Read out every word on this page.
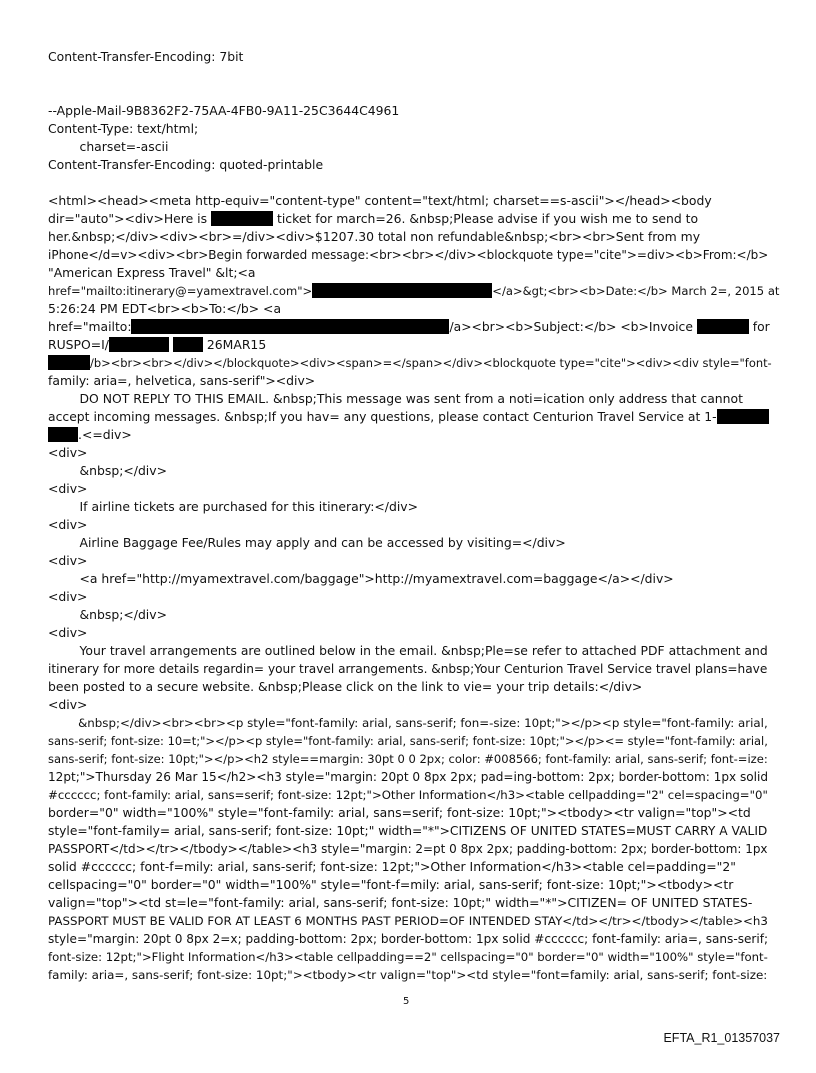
Content-Transfer-Encoding: 7bit
--Apple-Mail-9B8362F2-75AA-4FB0-9A11-25C3644C4961
Content-Type: text/html;
charset=-ascii
Content-Transfer-Encoding: quoted-printable
<html><head><meta http-equiv="content-type" content="text/html; charset==s-ascii"></head><body
dir="auto"><div>Here is	ticket for march=26. &nbsp;Please advise if you wish me to send to
her.&nbsp;</div><div><br>=/div><div>$1207.30 total non refundable&nbsp;<br><br>Sent from my
iPhone</d=v><div><br>Begin forwarded message:<br><br></div><blockquote type="cite">=div><b>From:</b>
"American Express Travel" &lt;<a
href="mailto:itinerary@=yamextravel.com">	</a>&gt;<br><b>Date:</b> March 2=, 2015 at
5:26:24 PM EDT<br><b>To:</b> <a
href="mailto:	/a><br><b>Subject:</b> <b>Invoice	for
RUSPO=I/	26MAR15
/b><br><br></div></blockquote><div><span>=</span></div><blockquote type="cite"><div><div style="font-
family: aria=, helvetica, sans-serif"><div>
DO NOT REPLY TO THIS EMAIL. &nbsp;This message was sent from a noti=ication only address that cannot
accept incoming messages. &nbsp;If you hav= any questions, please contact Centurion Travel Service at 1-
.<=div>
<div>
&nbsp;</div>
<div>
If airline tickets are purchased for this itinerary:</div>
<div>
Airline Baggage Fee/Rules may apply and can be accessed by visiting=</div>
<div>
<a href="http://myamextravel.com/baggage">http://myamextravel.com=baggage</a></div>
<div>
&nbsp;</div>
<div>
Your travel arrangements are outlined below in the email. &nbsp;Ple=se refer to attached PDF attachment and
itinerary for more details regardin= your travel arrangements. &nbsp;Your Centurion Travel Service travel plans=have
been posted to a secure website. &nbsp;Please click on the link to vie= your trip details:</div>
<div>
&nbsp;</div><br><br><p style="font-family: arial, sans-serif; fon=-size: 10pt;"></p><p style="font-family: arial,
sans-serif; font-size: 10=t;"></p><p style="font-family: arial, sans-serif; font-size: 10pt;"></p><= style="font-family: arial,
sans-serif; font-size: 10pt;"></p><h2 style==margin: 30pt 0 0 2px; color: #008566; font-family: arial, sans-serif; font-=ize:
12pt;">Thursday 26 Mar 15</h2><h3 style="margin: 20pt 0 8px 2px; pad=ing-bottom: 2px; border-bottom: 1px solid
#cccccc; font-family: arial, sans=serif; font-size: 12pt;">Other Information</h3><table cellpadding="2" cel=spacing="0"
border="0" width="100%" style="font-family: arial, sans=serif; font-size: 10pt;"><tbody><tr valign="top"><td
style="font-family= arial, sans-serif; font-size: 10pt;" width="*">CITIZENS OF UNITED STATES=MUST CARRY A VALID
PASSPORT</td></tr></tbody></table><h3 style="margin: 2=pt 0 8px 2px; padding-bottom: 2px; border-bottom: 1px
solid #cccccc; font-f=mily: arial, sans-serif; font-size: 12pt;">Other Information</h3><table cel=padding="2"
cellspacing="0" border="0" width="100%" style="font-f=mily: arial, sans-serif; font-size: 10pt;"><tbody><tr
valign="top"><td st=le="font-family: arial, sans-serif; font-size: 10pt;" width="*">CITIZEN= OF UNITED STATES-
PASSPORT MUST BE VALID FOR AT LEAST 6 MONTHS PAST PERIOD=OF INTENDED STAY</td></tr></tbody></table><h3
style="margin: 20pt 0 8px 2=x; padding-bottom: 2px; border-bottom: 1px solid #cccccc; font-family: aria=, sans-serif;
font-size: 12pt;">Flight Information</h3><table cellpadding==2" cellspacing="0" border="0" width="100%" style="font-
family: aria=, sans-serif; font-size: 10pt;"><tbody><tr valign="top"><td style="font=family: arial, sans-serif; font-size:
5
EFTA_R1_01357037
